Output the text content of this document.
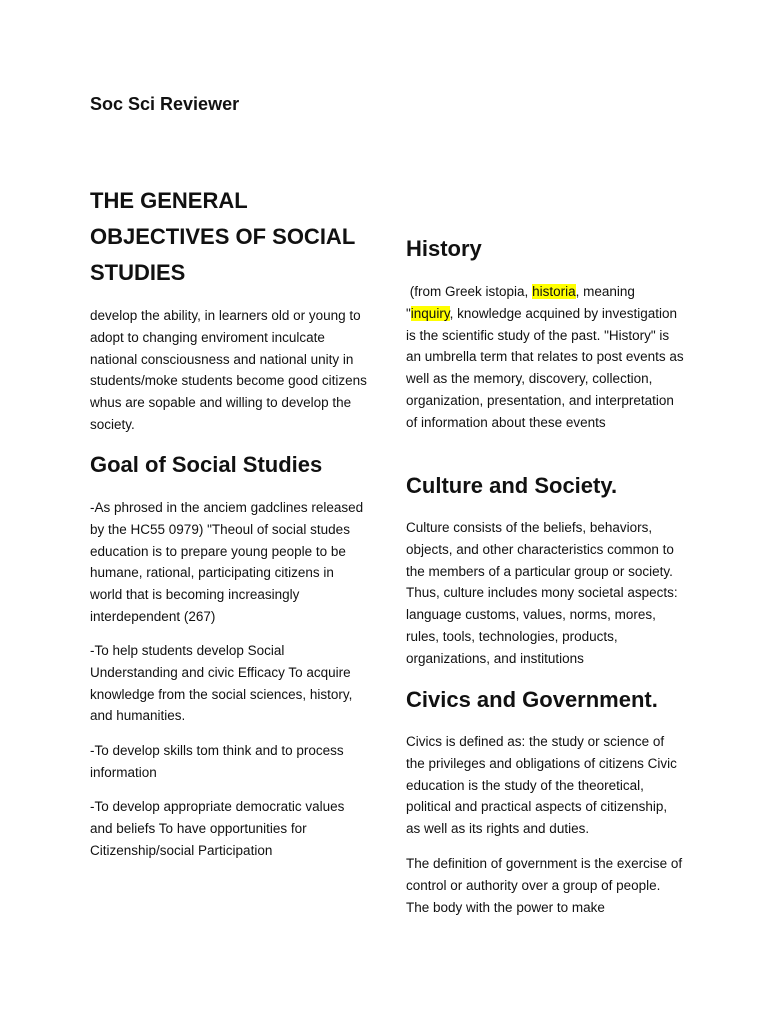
Soc Sci Reviewer
THE GENERAL OBJECTIVES OF SOCIAL STUDIES

develop the ability, in learners old or young to adopt to changing enviroment inculcate national consciousness and national unity in students/moke students become good citizens whus are sopable and willing to develop the society.

Goal of Social Studies

-As phrosed in the anciem gadclines released by the HC55 0979) "Theoul of social studes education is to prepare young people to be humane, rational, participating citizens in world that is becoming increasingly interdependent (267)

-To help students develop Social Understanding and civic Efficacy To acquire knowledge from the social sciences, history, and humanities.

-To develop skills tom think and to process information

-To develop appropriate democratic values and beliefs To have opportunities for Citizenship/social Participation

History

(from Greek istopia, historia, meaning "inquiry, knowledge acquined by investigation is the scientific study of the past. "History" is an umbrella term that relates to post events as well as the memory, discovery, collection, organization, presentation, and interpretation of information about these events

Culture and Society.

Culture consists of the beliefs, behaviors, objects, and other characteristics common to the members of a particular group or society. Thus, culture includes mony societal aspects: language customs, values, norms, mores, rules, tools, technologies, products, organizations, and institutions

Civics and Government.

Civics is defined as: the study or science of the privileges and obligations of citizens Civic education is the study of the theoretical, political and practical aspects of citizenship, as well as its rights and duties.

The definition of government is the exercise of control or authority over a group of people. The body with the power to make
